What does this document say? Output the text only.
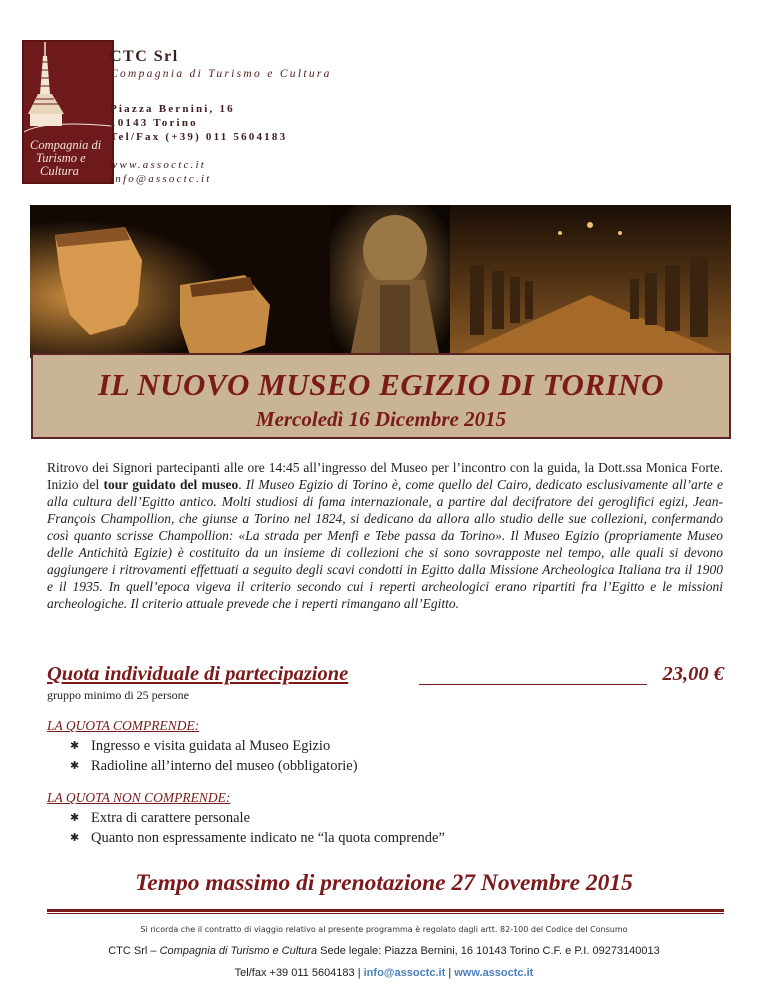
Compagnia di
Turismo e
Cultura
CTC Srl
Compagnia di Turismo e Cultura
Piazza Bernini, 16
10143 Torino
Tel/Fax (+39) 011 5604183
www.assoctc.it
info@assoctc.it
IL NUOVO MUSEO EGIZIO DI TORINO
Mercoledì 16 Dicembre 2015
Ritrovo dei Signori partecipanti alle ore 14:45 all’ingresso del Museo per l’incontro con la guida, la Dott.ssa Monica Forte. Inizio del tour guidato del museo. Il Museo Egizio di Torino è, come quello del Cairo, dedicato esclusivamente all’arte e alla cultura dell’Egitto antico. Molti studiosi di fama internazionale, a partire dal decifratore dei geroglifici egizi, Jean-François Champollion, che giunse a Torino nel 1824, si dedicano da allora allo studio delle sue collezioni, confermando così quanto scrisse Champollion: «La strada per Menfi e Tebe passa da Torino». Il Museo Egizio (propriamente Museo delle Antichità Egizie) è costituito da un insieme di collezioni che si sono sovrapposte nel tempo, alle quali si devono aggiungere i ritrovamenti effettuati a seguito degli scavi condotti in Egitto dalla Missione Archeologica Italiana tra il 1900 e il 1935. In quell’epoca vigeva il criterio secondo cui i reperti archeologici erano ripartiti fra l’Egitto e le missioni archeologiche. Il criterio attuale prevede che i reperti rimangano all’Egitto.
Quota individuale di partecipazione	23,00 €
gruppo minimo di 25 persone
LA QUOTA COMPRENDE:
✱ Ingresso e visita guidata al Museo Egizio
✱ Radioline all’interno del museo (obbligatorie)
LA QUOTA NON COMPRENDE:
✱ Extra di carattere personale
✱ Quanto non espressamente indicato ne “la quota comprende”
Tempo massimo di prenotazione 27 Novembre 2015
Si ricorda che il contratto di viaggio relativo al presente programma è regolato dagli artt. 82-100 del Codice del Consumo
CTC Srl – Compagnia di Turismo e Cultura Sede legale: Piazza Bernini, 16 10143 Torino C.F. e P.I. 09273140013
Tel/fax +39 011 5604183 | info@assoctc.it | www.assoctc.it
